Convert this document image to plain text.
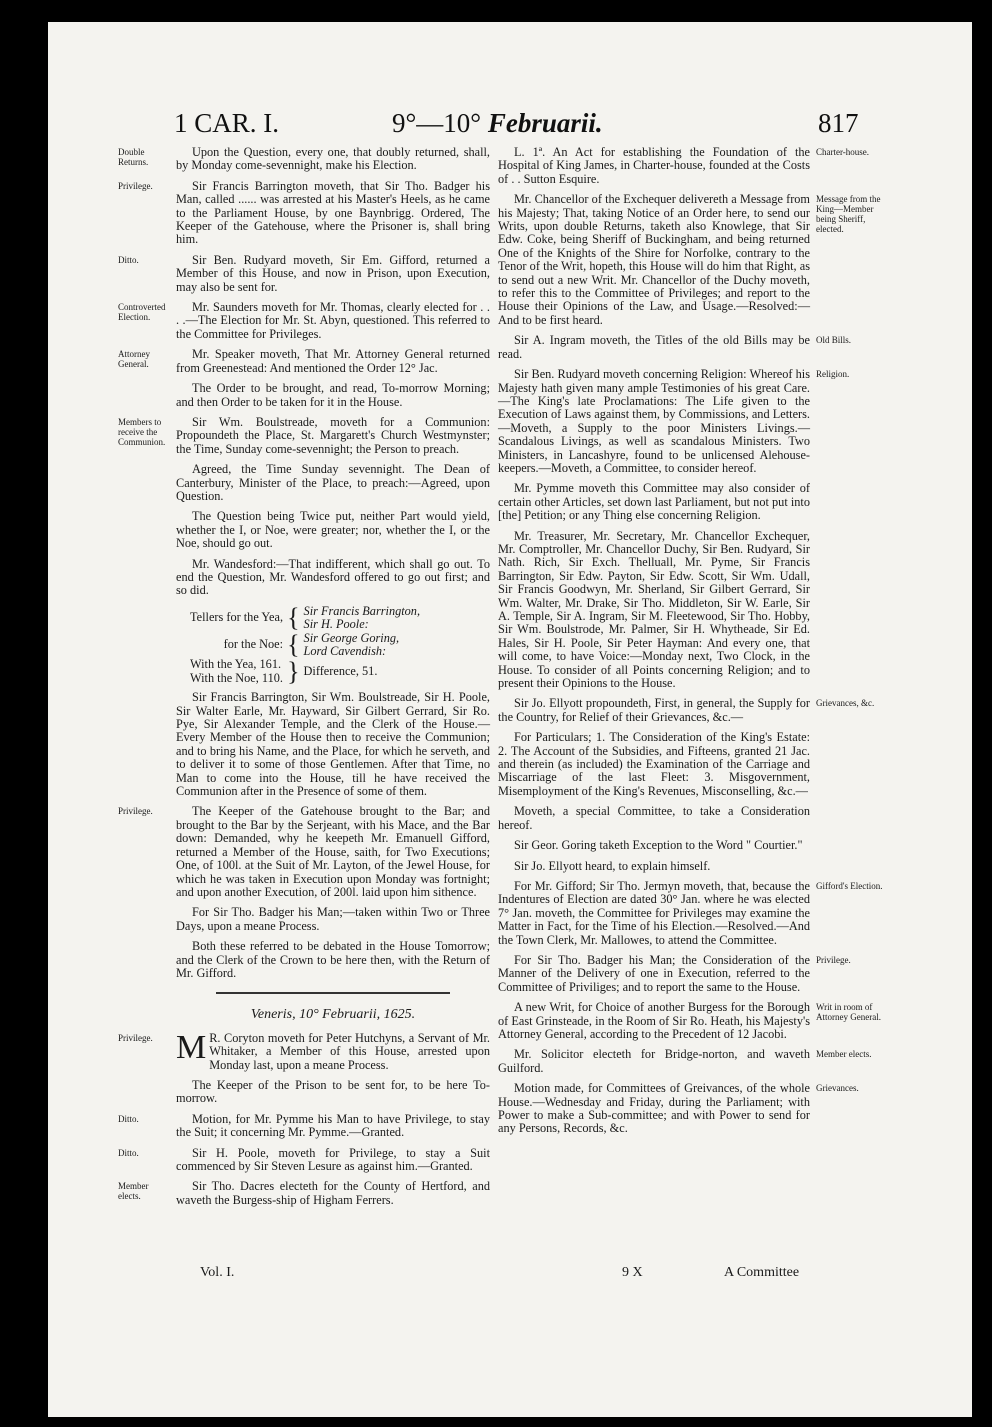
1 CAR. I.	9°—10° Februarii.	817
Double Returns.
Upon the Question, every one, that doubly returned, shall, by Monday come-sevennight, make his Election.
Privilege.	Sir Francis Barrington moveth, that Sir Tho. Badger his Man, called ...... was arrested at his Master's Heels, as he came to the Parliament House, by one Baynbrigg. Ordered, The Keeper of the Gatehouse, where the Prisoner is, shall bring him.
Ditto.	Sir Ben. Rudyard moveth, Sir Em. Gifford, returned a Member of this House, and now in Prison, upon Execution, may also be sent for.
Controverted Election.
Mr. Saunders moveth for Mr. Thomas, clearly elected for . . . .—The Election for Mr. St. Abyn, questioned. This referred to the Committee for Privileges.
Attorney General.
Mr. Speaker moveth, That Mr. Attorney General returned from Greenestead: And mentioned the Order 12° Jac.
The Order to be brought, and read, To-morrow Morning; and then Order to be taken for it in the House.
Members to receive the Communion.
Sir Wm. Boulstreade, moveth for a Communion: Propoundeth the Place, St. Margarett's Church Westmynster; the Time, Sunday come-sevennight; the Person to preach.
Agreed, the Time Sunday sevennight. The Dean of Canterbury, Minister of the Place, to preach:—Agreed, upon Question.
The Question being Twice put, neither Part would yield, whether the I, or Noe, were greater; nor, whether the I, or the Noe, should go out.
Mr. Wandesford:—That indifferent, which shall go out. To end the Question, Mr. Wandesford offered to go out first; and so did.
Tellers for the Yea,	{	Sir Francis Barrington,
		Sir H. Poole:
for the Noe:	{	Sir George Goring,
		Lord Cavendish:
With the Yea, 161.	}	Difference, 51.
With the Noe, 110.		
Sir Francis Barrington, Sir Wm. Boulstreade, Sir H. Poole, Sir Walter Earle, Mr. Hayward, Sir Gilbert Gerrard, Sir Ro. Pye, Sir Alexander Temple, and the Clerk of the House.—Every Member of the House then to receive the Communion; and to bring his Name, and the Place, for which he serveth, and to deliver it to some of those Gentlemen. After that Time, no Man to come into the House, till he have received the Communion after in the Presence of some of them.
Privilege.	The Keeper of the Gatehouse brought to the Bar; and brought to the Bar by the Serjeant, with his Mace, and the Bar down: Demanded, why he keepeth Mr. Emanuell Gifford, returned a Member of the House, saith, for Two Executions; One, of 100l. at the Suit of Mr. Layton, of the Jewel House, for which he was taken in Execution upon Monday was fortnight; and upon another Execution, of 200l. laid upon him sithence.
For Sir Tho. Badger his Man;—taken within Two or Three Days, upon a meane Process.
Both these referred to be debated in the House Tomorrow; and the Clerk of the Crown to be here then, with the Return of Mr. Gifford.
Veneris, 10° Februarii, 1625.
Privilege. M R. Coryton moveth for Peter Hutchyns, a Servant of Mr. Whitaker, a Member of this House, arrested upon Monday last, upon a meane Process.
The Keeper of the Prison to be sent for, to be here To-morrow.
Ditto.	Motion, for Mr. Pymme his Man to have Privilege, to stay the Suit; it concerning Mr. Pymme.—Granted.
Ditto.	Sir H. Poole, moveth for Privilege, to stay a Suit commenced by Sir Steven Lesure as against him.—Granted.
Member elects.
Sir Tho. Dacres electeth for the County of Hertford, and waveth the Burgess-ship of Higham Ferrers.
Charter-house.
L. 1ª. An Act for establishing the Foundation of the Hospital of King James, in Charter-house, founded at the Costs of . . Sutton Esquire.
Message from the King—Member being Sheriff, elected.
Mr. Chancellor of the Exchequer delivereth a Message from his Majesty; That, taking Notice of an Order here, to send our Writs, upon double Returns, taketh also Knowlege, that Sir Edw. Coke, being Sheriff of Buckingham, and being returned One of the Knights of the Shire for Norfolke, contrary to the Tenor of the Writ, hopeth, this House will do him that Right, as to send out a new Writ. Mr. Chancellor of the Duchy moveth, to refer this to the Committee of Privileges; and report to the House their Opinions of the Law, and Usage.—Resolved:—And to be first heard.
Old Bills.
Sir A. Ingram moveth, the Titles of the old Bills may be read.
Religion.
Sir Ben. Rudyard moveth concerning Religion: Whereof his Majesty hath given many ample Testimonies of his great Care.—The King's late Proclamations: The Life given to the Execution of Laws against them, by Commissions, and Letters.—Moveth, a Supply to the poor Ministers Livings.—Scandalous Livings, as well as scandalous Ministers. Two Ministers, in Lancashyre, found to be unlicensed Alehouse-keepers.—Moveth, a Committee, to consider hereof.
Mr. Pymme moveth this Committee may also consider of certain other Articles, set down last Parliament, but not put into [the] Petition; or any Thing else concerning Religion.
Mr. Treasurer, Mr. Secretary, Mr. Chancellor Exchequer, Mr. Comptroller, Mr. Chancellor Duchy, Sir Ben. Rudyard, Sir Nath. Rich, Sir Exch. Thelluall, Mr. Pyme, Sir Francis Barrington, Sir Edw. Payton, Sir Edw. Scott, Sir Wm. Udall, Sir Francis Goodwyn, Mr. Sherland, Sir Gilbert Gerrard, Sir Wm. Walter, Mr. Drake, Sir Tho. Middleton, Sir W. Earle, Sir A. Temple, Sir A. Ingram, Sir M. Fleetewood, Sir Tho. Hobby, Sir Wm. Boulstrode, Mr. Palmer, Sir H. Whytheade, Sir Ed. Hales, Sir H. Poole, Sir Peter Hayman: And every one, that will come, to have Voice:—Monday next, Two Clock, in the House. To consider of all Points concerning Religion; and to present their Opinions to the House.
Grievances, &c.
Sir Jo. Ellyott propoundeth, First, in general, the Supply for the Country, for Relief of their Grievances, &c.—
For Particulars; 1. The Consideration of the King's Estate: 2. The Account of the Subsidies, and Fifteens, granted 21 Jac. and therein (as included) the Examination of the Carriage and Miscarriage of the last Fleet: 3. Misgovernment, Misemployment of the King's Revenues, Misconselling, &c.—
Moveth, a special Committee, to take a Consideration hereof.
Sir Geor. Goring taketh Exception to the Word " Courtier."
Sir Jo. Ellyott heard, to explain himself.
Gifford's Election.
For Mr. Gifford; Sir Tho. Jermyn moveth, that, because the Indentures of Election are dated 30° Jan. where he was elected 7° Jan. moveth, the Committee for Privileges may examine the Matter in Fact, for the Time of his Election.—Resolved.—And the Town Clerk, Mr. Mallowes, to attend the Committee.
Privilege.
For Sir Tho. Badger his Man; the Consideration of the Manner of the Delivery of one in Execution, referred to the Committee of Priviliges; and to report the same to the House.
Writ in room of Attorney General.
A new Writ, for Choice of another Burgess for the Borough of East Grinsteade, in the Room of Sir Ro. Heath, his Majesty's Attorney General, according to the Precedent of 12 Jacobi.
Member elects.
Mr. Solicitor electeth for Bridge-norton, and waveth Guilford.
Grievances.
Motion made, for Committees of Greivances, of the whole House.—Wednesday and Friday, during the Parliament; with Power to make a Sub-committee; and with Power to send for any Persons, Records, &c.
Vol. I.	9 X	A Committee
